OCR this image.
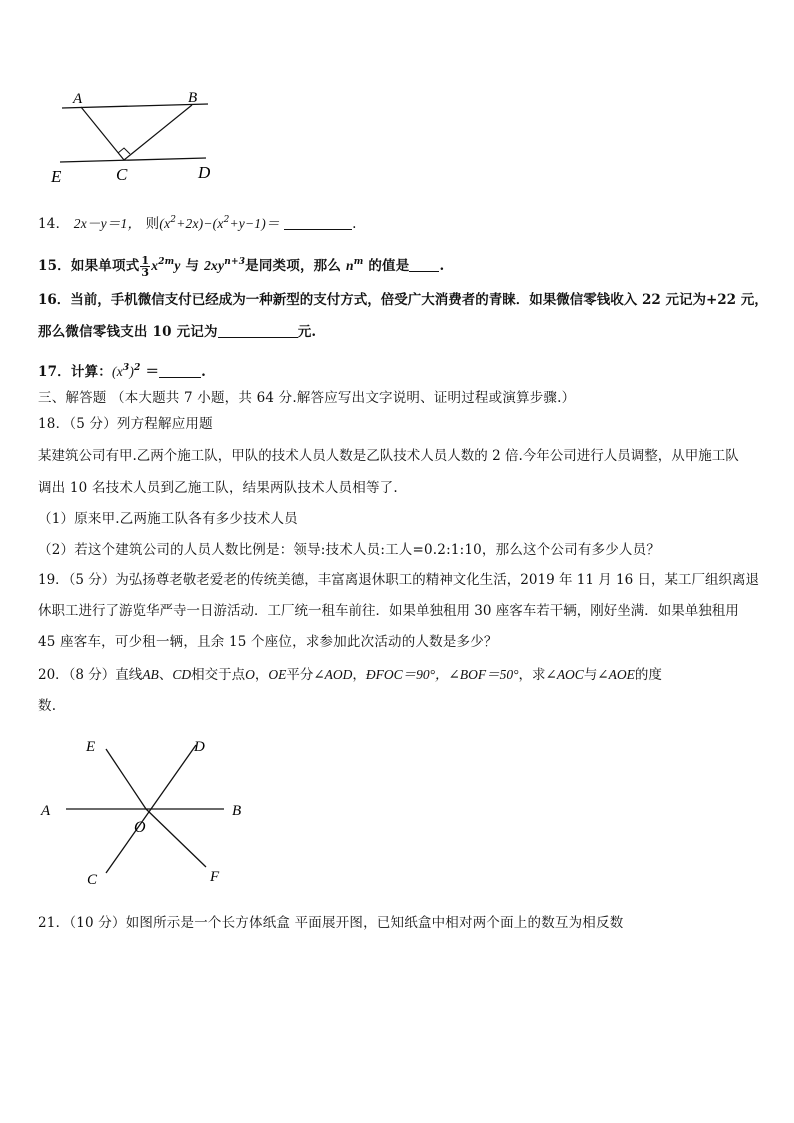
A	B
C	D
E
14． 2x－y＝1， 则$(x^2+2x)-(x^2+y-1)=$	.
15．如果单项式 $\frac{1}{3} x^{2m}y$ 与 $2xy^{n+3}$是同类项，那么 $n^m$ 的值是 .
16．当前，手机微信支付已经成为一种新型的支付方式，倍受广大消费者的青睐．如果微信零钱收入 22 元记为+22 元，
那么微信零钱支出 10 元记为	元.
17．计算：$(x^3)^2$ ＝	.
三、解答题 （本大题共 7 小题，共 64 分.解答应写出文字说明、证明过程或演算步骤.）
18．（5 分）列方程解应用题
某建筑公司有甲.乙两个施工队，甲队的技术人员人数是乙队技术人员人数的 2 倍.今年公司进行人员调整，从甲施工队
调出 10 名技术人员到乙施工队，结果两队技术人员相等了.
（1）原来甲.乙两施工队各有多少技术人员
（2）若这个建筑公司的人员人数比例是：领导:技术人员:工人=0.2:1:10，那么这个公司有多少人员？
19．（5 分）为弘扬尊老敬老爱老的传统美德，丰富离退休职工的精神文化生活，2019 年 11 月 16 日，某工厂组织离退
休职工进行了游览华严寺一日游活动．工厂统一租车前往．如果单独租用 30 座客车若干辆，刚好坐满．如果单独租用
45 座客车，可少租一辆，且余 15 个座位，求参加此次活动的人数是多少？
20．（8 分）直线AB、CD相交于点O，OE平分∠AOD，ÐFOC＝90°，∠BOF＝50°，求∠AOC与∠AOE的度
数.
E	D
A	B
O
C	F
21．（10 分）如图所示是一个长方体纸盒 平面展开图，已知纸盒中相对两个面上的数互为相反数
